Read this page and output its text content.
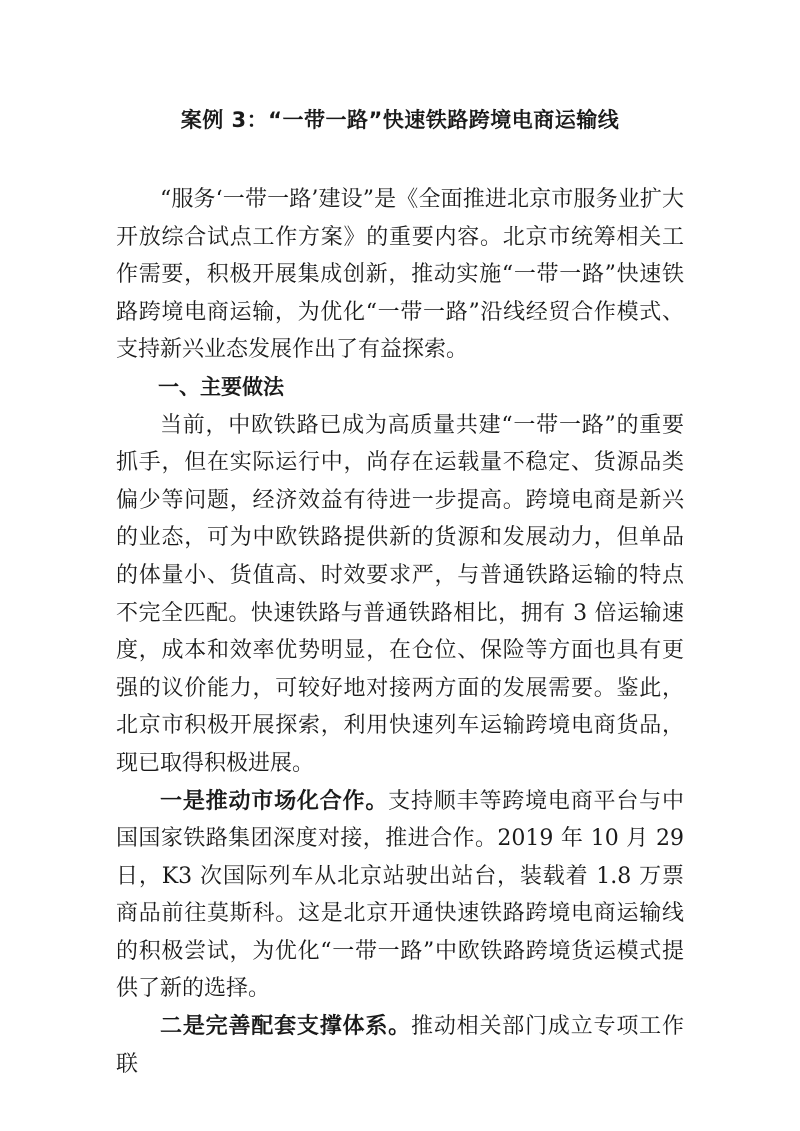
案例 3：“一带一路”快速铁路跨境电商运输线

“服务‘一带一路’建设”是《全面推进北京市服务业扩大开放综合试点工作方案》的重要内容。北京市统筹相关工作需要，积极开展集成创新，推动实施“一带一路”快速铁路跨境电商运输，为优化“一带一路”沿线经贸合作模式、支持新兴业态发展作出了有益探索。

一、主要做法

当前，中欧铁路已成为高质量共建“一带一路”的重要抓手，但在实际运行中，尚存在运载量不稳定、货源品类偏少等问题，经济效益有待进一步提高。跨境电商是新兴的业态，可为中欧铁路提供新的货源和发展动力，但单品的体量小、货值高、时效要求严，与普通铁路运输的特点不完全匹配。快速铁路与普通铁路相比，拥有 3 倍运输速度，成本和效率优势明显，在仓位、保险等方面也具有更强的议价能力，可较好地对接两方面的发展需要。鉴此，北京市积极开展探索，利用快速列车运输跨境电商货品，现已取得积极进展。

一是推动市场化合作。支持顺丰等跨境电商平台与中国国家铁路集团深度对接，推进合作。2019 年 10 月 29 日，K3 次国际列车从北京站驶出站台，装载着 1.8 万票商品前往莫斯科。这是北京开通快速铁路跨境电商运输线的积极尝试，为优化“一带一路”中欧铁路跨境货运模式提供了新的选择。

二是完善配套支撑体系。推动相关部门成立专项工作联
